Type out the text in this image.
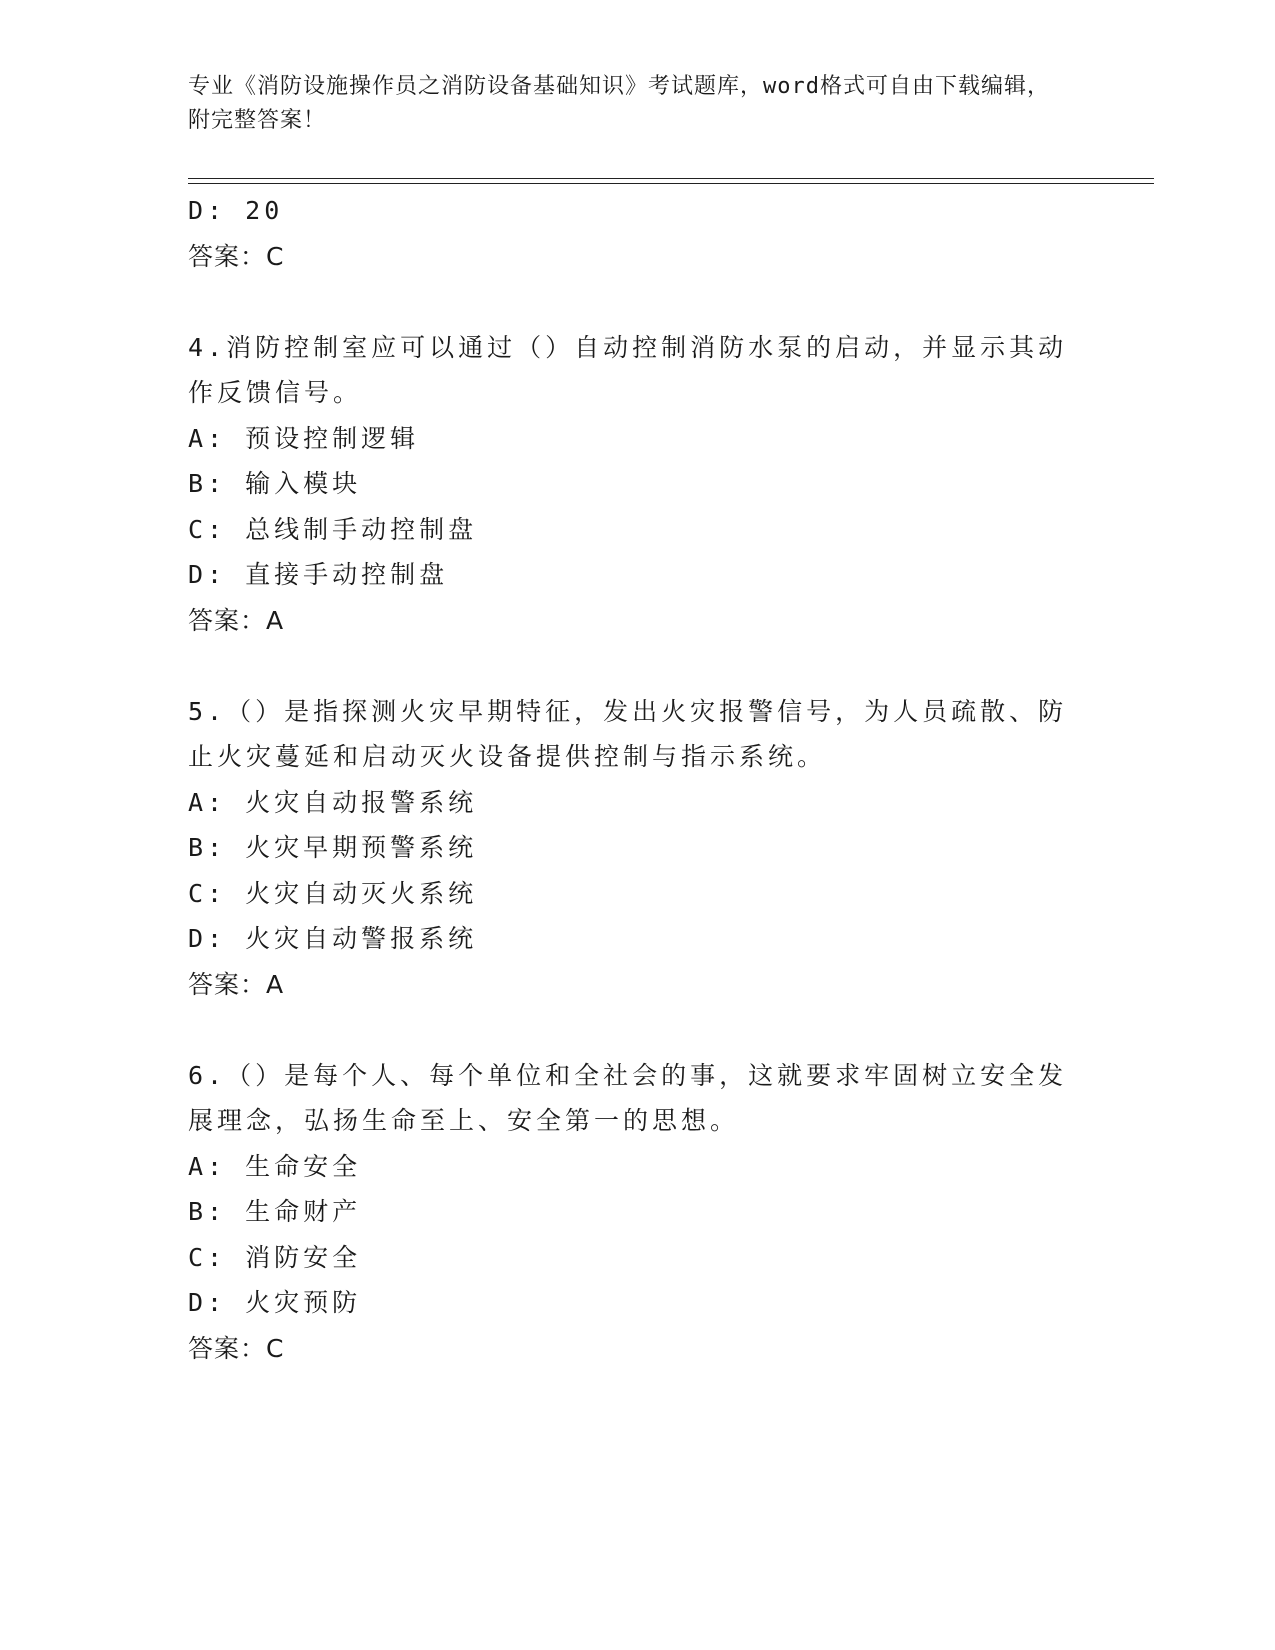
专业《消防设施操作员之消防设备基础知识》考试题库，word格式可自由下载编辑，附完整答案！
D: 20
答案：C
4.消防控制室应可以通过（）自动控制消防水泵的启动，并显示其动
作反馈信号。
A: 预设控制逻辑
B: 输入模块
C: 总线制手动控制盘
D: 直接手动控制盘
答案：A
5.（）是指探测火灾早期特征，发出火灾报警信号，为人员疏散、防
止火灾蔓延和启动灭火设备提供控制与指示系统。
A: 火灾自动报警系统
B: 火灾早期预警系统
C: 火灾自动灭火系统
D: 火灾自动警报系统
答案：A
6.（）是每个人、每个单位和全社会的事，这就要求牢固树立安全发
展理念，弘扬生命至上、安全第一的思想。
A: 生命安全
B: 生命财产
C: 消防安全
D: 火灾预防
答案：C
